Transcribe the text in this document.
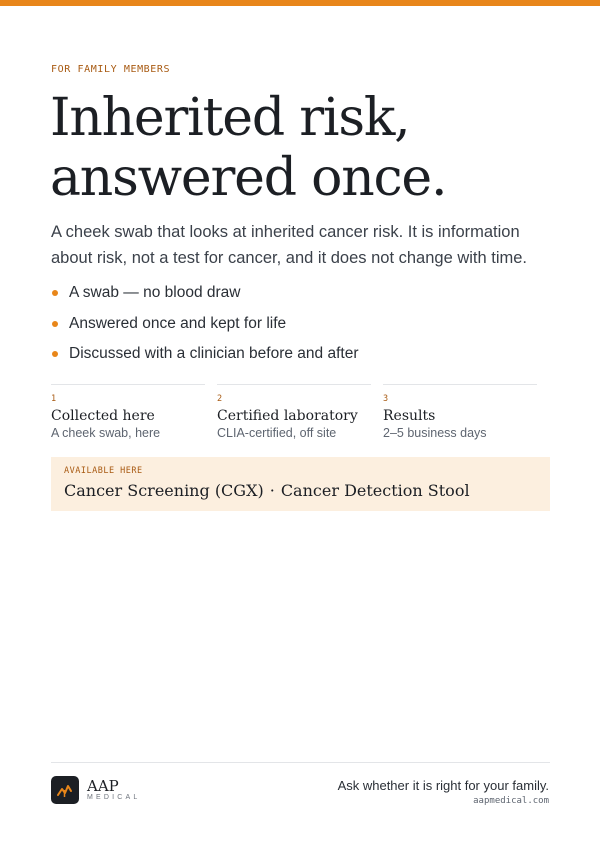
FOR FAMILY MEMBERS
Inherited risk,
answered once.

A cheek swab that looks at inherited cancer risk. It is information about risk, not a test for cancer, and it does not change with time.

A swab — no blood draw
Answered once and kept for life
Discussed with a clinician before and after
1
Collected here
A cheek swab, here
2
Certified laboratory
CLIA-certified, off site
3
Results
2–5 business days
AVAILABLE HERE
Cancer Screening (CGX) · Cancer Detection Stool
AAP
MEDICAL
Ask whether it is right for your family.
aapmedical.com
